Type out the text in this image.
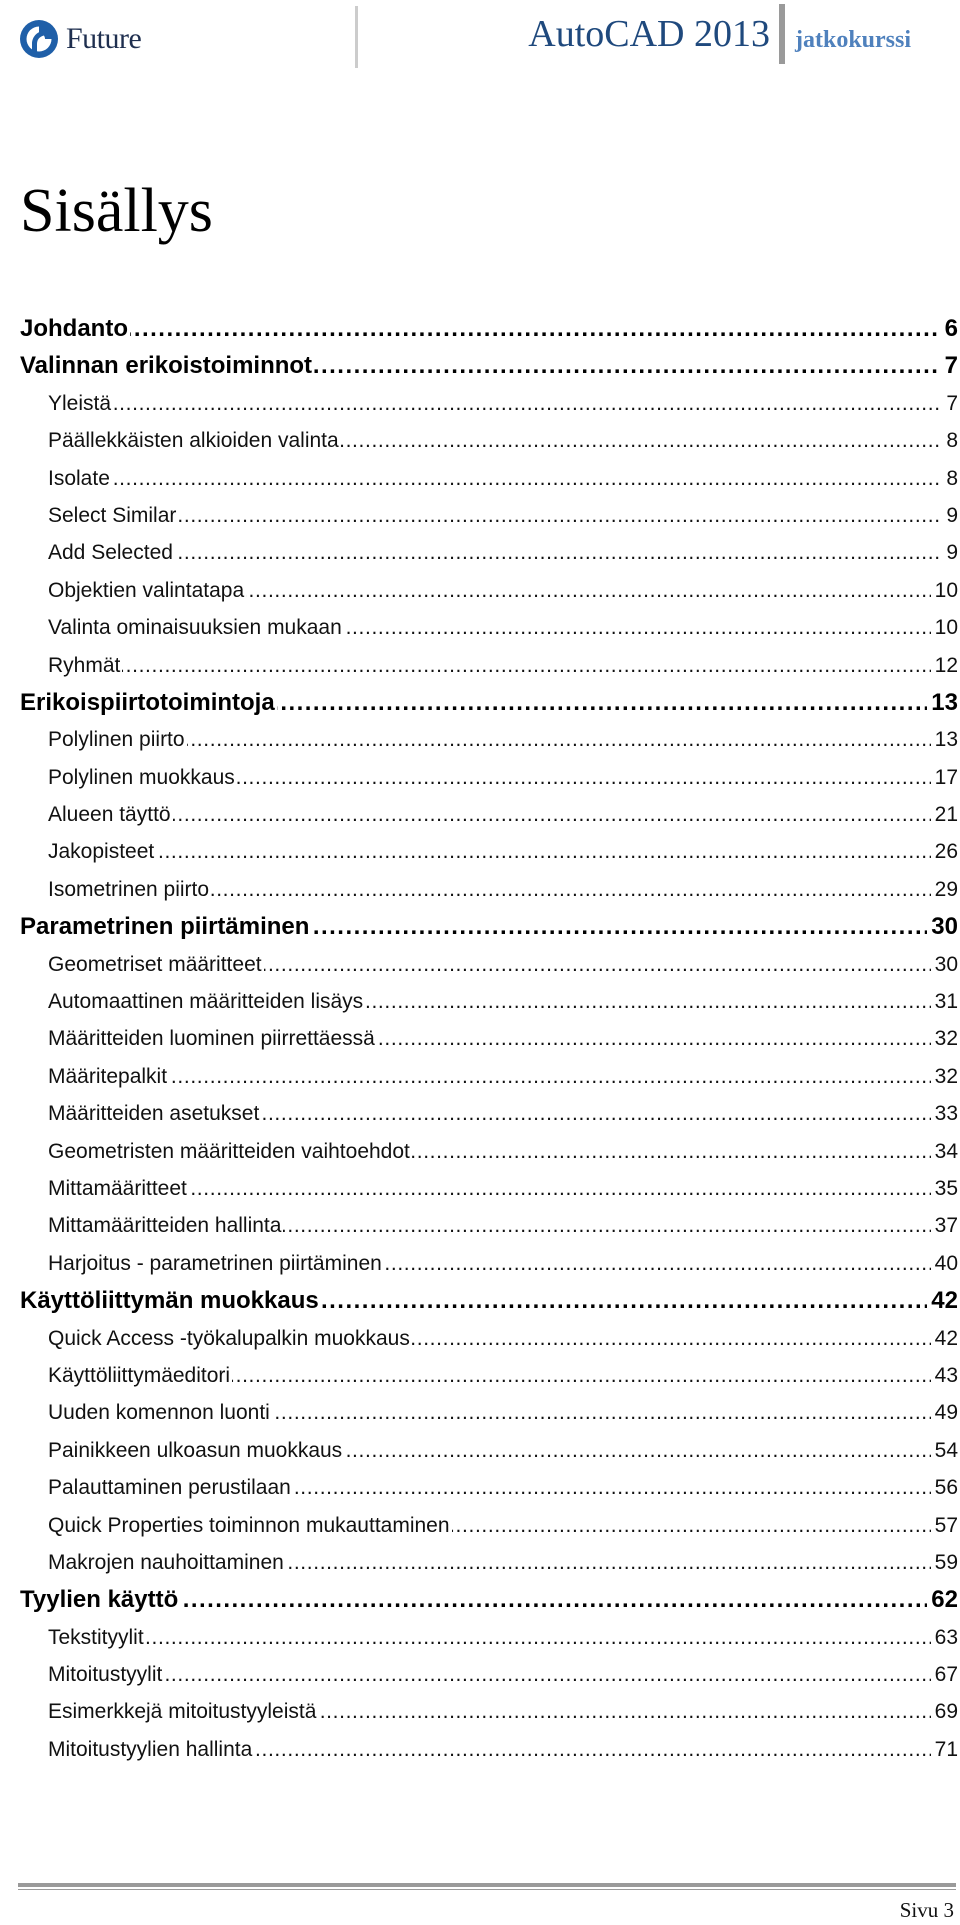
Future	AutoCAD 2013 jatkokurssi
Sisällys
. . . Johdanto	6
. . . Valinnan erikoistoiminnot	7
. . . Yleistä	7
. . . Päällekkäisten alkioiden valinta	8
. . . Isolate	8
. . . Select Similar	9
. . . Add Selected	9
. . . Objektien valintatapa	10
. . . Valinta ominaisuuksien mukaan	10
. . . Ryhmät	12
. . . Erikoispiirtotoimintoja	13
. . . Polylinen piirto	13
. . . Polylinen muokkaus	17
. . . Alueen täyttö	21
. . . Jakopisteet	26
. . . Isometrinen piirto	29
. . . Parametrinen piirtäminen	30
. . . Geometriset määritteet	30
. . . Automaattinen määritteiden lisäys	31
. . . Määritteiden luominen piirrettäessä	32
. . . Määritepalkit	32
. . . Määritteiden asetukset	33
. . . Geometristen määritteiden vaihtoehdot	34
. . . Mittamääritteet	35
. . . Mittamääritteiden hallinta	37
. . . Harjoitus - parametrinen piirtäminen	40
. . . Käyttöliittymän muokkaus	42
. . . Quick Access -työkalupalkin muokkaus	42
. . . Käyttöliittymäeditori	43
. . . Uuden komennon luonti	49
. . . Painikkeen ulkoasun muokkaus	54
. . . Palauttaminen perustilaan	56
. . . Quick Properties toiminnon mukauttaminen	57
. . . Makrojen nauhoittaminen	59
. . . Tyylien käyttö	62
. . . Tekstityylit	63
. . . Mitoitustyylit	67
. . . Esimerkkejä mitoitustyyleistä	69
. . . Mitoitustyylien hallinta	71
Sivu 3
